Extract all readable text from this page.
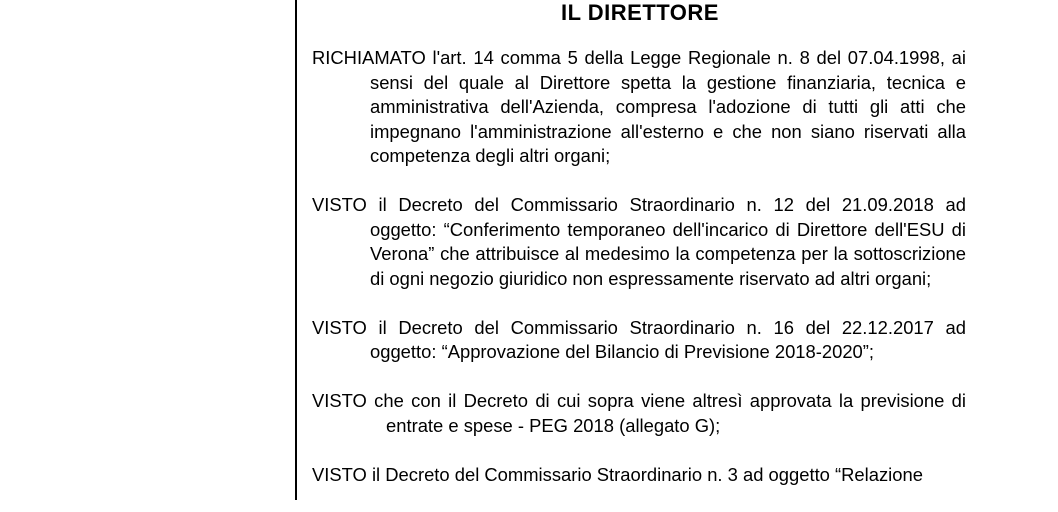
IL DIRETTORE

RICHIAMATO l'art. 14 comma 5 della Legge Regionale n. 8 del 07.04.1998, ai sensi del quale al Direttore spetta la gestione finanziaria, tecnica e amministrativa dell'Azienda, compresa l'adozione di tutti gli atti che impegnano l'amministrazione all'esterno e che non siano riservati alla competenza degli altri organi;

VISTO il Decreto del Commissario Straordinario n. 12 del 21.09.2018 ad oggetto: “Conferimento temporaneo dell'incarico di Direttore dell'ESU di Verona” che attribuisce al medesimo la competenza per la sottoscrizione di ogni negozio giuridico non espressamente riservato ad altri organi;

VISTO il Decreto del Commissario Straordinario n. 16 del 22.12.2017 ad oggetto: “Approvazione del Bilancio di Previsione 2018-2020”;

VISTO che con il Decreto di cui sopra viene altresì approvata la previsione di entrate e spese - PEG 2018 (allegato G);

VISTO il Decreto del Commissario Straordinario n. 3 ad oggetto “Relazione
